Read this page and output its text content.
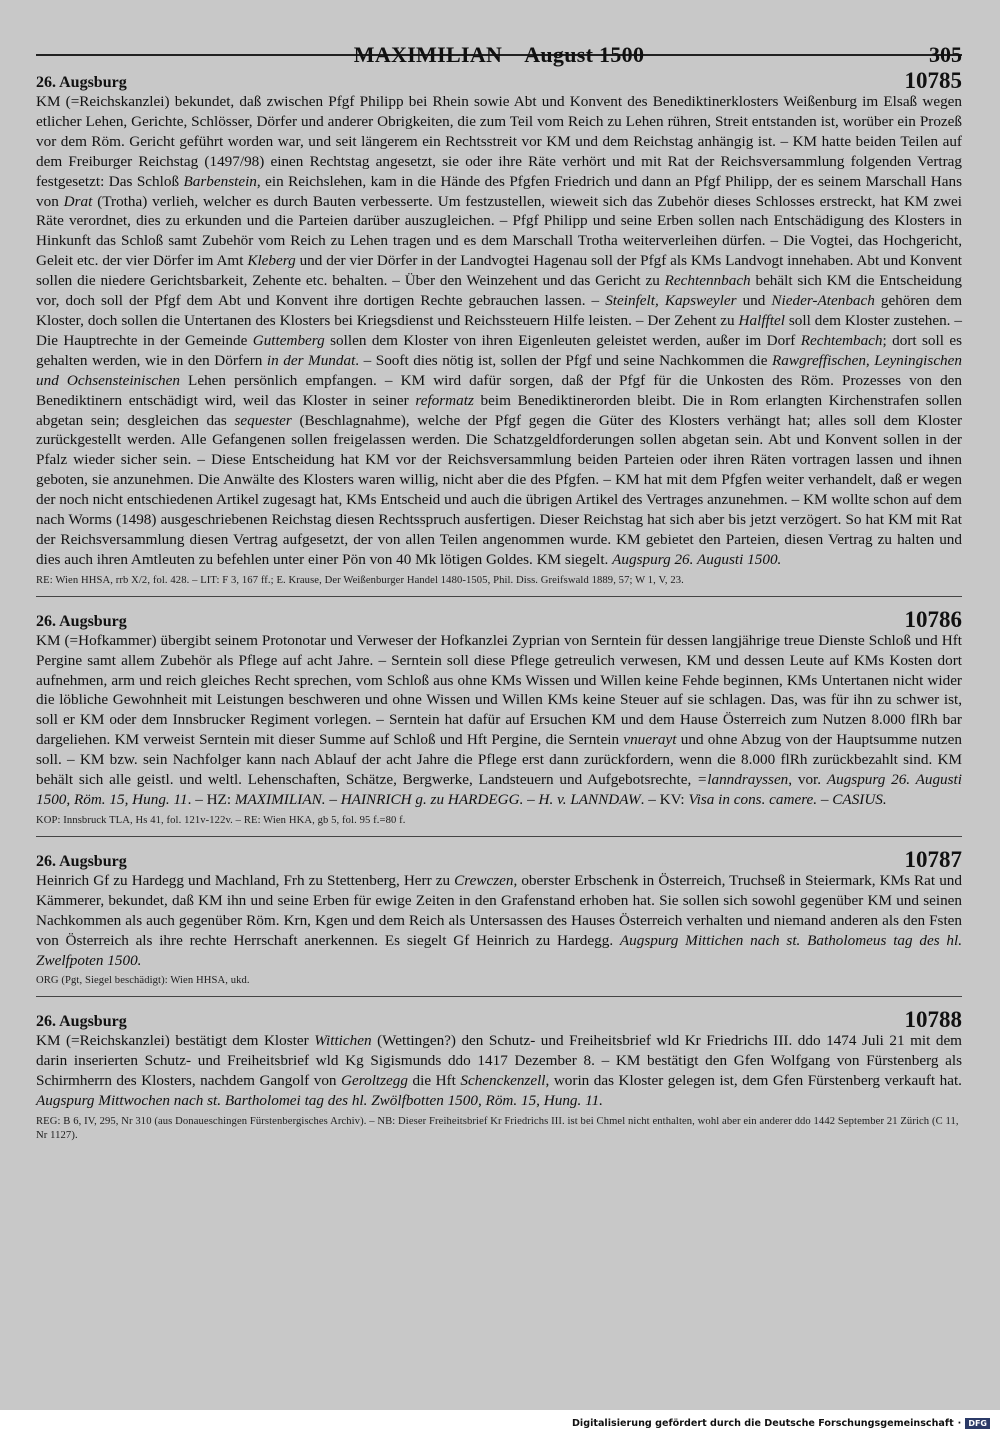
MAXIMILIAN August 1500	305
26. Augsburg	10785

KM (=Reichskanzlei) bekundet, daß zwischen Pfgf Philipp bei Rhein sowie Abt und Konvent des Benediktinerklosters Weißenburg im Elsaß wegen etlicher Lehen, Gerichte, Schlösser, Dörfer und anderer Obrigkeiten, die zum Teil vom Reich zu Lehen rühren, Streit entstanden ist, worüber ein Prozeß vor dem Röm. Gericht geführt worden war, und seit längerem ein Rechtsstreit vor KM und dem Reichstag anhängig ist. – KM hatte beiden Teilen auf dem Freiburger Reichstag (1497/98) einen Rechtstag angesetzt, sie oder ihre Räte verhört und mit Rat der Reichsversammlung folgenden Vertrag festgesetzt: Das Schloß Barbenstein, ein Reichslehen, kam in die Hände des Pfgfen Friedrich und dann an Pfgf Philipp, der es seinem Marschall Hans von Drat (Trotha) verlieh, welcher es durch Bauten verbesserte. Um festzustellen, wieweit sich das Zubehör dieses Schlosses erstreckt, hat KM zwei Räte verordnet, dies zu erkunden und die Parteien darüber auszugleichen. – Pfgf Philipp und seine Erben sollen nach Entschädigung des Klosters in Hinkunft das Schloß samt Zubehör vom Reich zu Lehen tragen und es dem Marschall Trotha weiterverleihen dürfen. – Die Vogtei, das Hochgericht, Geleit etc. der vier Dörfer im Amt Kleberg und der vier Dörfer in der Landvogtei Hagenau soll der Pfgf als KMs Landvogt innehaben. Abt und Konvent sollen die niedere Gerichtsbarkeit, Zehente etc. behalten. – Über den Weinzehent und das Gericht zu Rechtennbach behält sich KM die Entscheidung vor, doch soll der Pfgf dem Abt und Konvent ihre dortigen Rechte gebrauchen lassen. – Steinfelt, Kapsweyler und Nieder-Atenbach gehören dem Kloster, doch sollen die Untertanen des Klosters bei Kriegsdienst und Reichssteuern Hilfe leisten. – Der Zehent zu Halfftel soll dem Kloster zustehen. – Die Hauptrechte in der Gemeinde Guttemberg sollen dem Kloster von ihren Eigenleuten geleistet werden, außer im Dorf Rechtembach; dort soll es gehalten werden, wie in den Dörfern in der Mundat. – Sooft dies nötig ist, sollen der Pfgf und seine Nachkommen die Rawgreffischen, Leyningischen und Ochsensteinischen Lehen persönlich empfangen. – KM wird dafür sorgen, daß der Pfgf für die Unkosten des Röm. Prozesses von den Benediktinern entschädigt wird, weil das Kloster in seiner reformatz beim Benediktinerorden bleibt. Die in Rom erlangten Kirchenstrafen sollen abgetan sein; desgleichen das sequester (Beschlagnahme), welche der Pfgf gegen die Güter des Klosters verhängt hat; alles soll dem Kloster zurückgestellt werden. Alle Gefangenen sollen freigelassen werden. Die Schatzgeldforderungen sollen abgetan sein. Abt und Konvent sollen in der Pfalz wieder sicher sein. – Diese Entscheidung hat KM vor der Reichsversammlung beiden Parteien oder ihren Räten vortragen lassen und ihnen geboten, sie anzunehmen. Die Anwälte des Klosters waren willig, nicht aber die des Pfgfen. – KM hat mit dem Pfgfen weiter verhandelt, daß er wegen der noch nicht entschiedenen Artikel zugesagt hat, KMs Entscheid und auch die übrigen Artikel des Vertrages anzunehmen. – KM wollte schon auf dem nach Worms (1498) ausgeschriebenen Reichstag diesen Rechtsspruch ausfertigen. Dieser Reichstag hat sich aber bis jetzt verzögert. So hat KM mit Rat der Reichsversammlung diesen Vertrag aufgesetzt, der von allen Teilen angenommen wurde. KM gebietet den Parteien, diesen Vertrag zu halten und dies auch ihren Amtleuten zu befehlen unter einer Pön von 40 Mk lötigen Goldes. KM siegelt. Augspurg 26. Augusti 1500.

RE: Wien HHSA, rrb X/2, fol. 428. – LIT: F 3, 167 ff.; E. Krause, Der Weißenburger Handel 1480-1505, Phil. Diss. Greifswald 1889, 57; W 1, V, 23.

26. Augsburg	10786

KM (=Hofkammer) übergibt seinem Protonotar und Verweser der Hofkanzlei Zyprian von Serntein für dessen langjährige treue Dienste Schloß und Hft Pergine samt allem Zubehör als Pflege auf acht Jahre. – Serntein soll diese Pflege getreulich verwesen, KM und dessen Leute auf KMs Kosten dort aufnehmen, arm und reich gleiches Recht sprechen, vom Schloß aus ohne KMs Wissen und Willen keine Fehde beginnen, KMs Untertanen nicht wider die löbliche Gewohnheit mit Leistungen beschweren und ohne Wissen und Willen KMs keine Steuer auf sie schlagen. Das, was für ihn zu schwer ist, soll er KM oder dem Innsbrucker Regiment vorlegen. – Serntein hat dafür auf Ersuchen KM und dem Hause Österreich zum Nutzen 8.000 flRh bar dargeliehen. KM verweist Serntein mit dieser Summe auf Schloß und Hft Pergine, die Serntein vnuerayt und ohne Abzug von der Hauptsumme nutzen soll. – KM bzw. sein Nachfolger kann nach Ablauf der acht Jahre die Pflege erst dann zurückfordern, wenn die 8.000 flRh zurückbezahlt sind. KM behält sich alle geistl. und weltl. Lehenschaften, Schätze, Bergwerke, Landsteuern und Aufgebotsrechte, =lanndrayssen, vor. Augspurg 26. Augusti 1500, Röm. 15, Hung. 11. – HZ: MAXIMILIAN. – HAINRICH g. zu HARDEGG. – H. v. LANNDAW. – KV: Visa in cons. camere. – CASIUS.

KOP: Innsbruck TLA, Hs 41, fol. 121v-122v. – RE: Wien HKA, gb 5, fol. 95 f.=80 f.

26. Augsburg	10787

Heinrich Gf zu Hardegg und Machland, Frh zu Stettenberg, Herr zu Crewczen, oberster Erbschenk in Österreich, Truchseß in Steiermark, KMs Rat und Kämmerer, bekundet, daß KM ihn und seine Erben für ewige Zeiten in den Grafenstand erhoben hat. Sie sollen sich sowohl gegenüber KM und seinen Nachkommen als auch gegenüber Röm. Krn, Kgen und dem Reich als Untersassen des Hauses Österreich verhalten und niemand anderen als den Fsten von Österreich als ihre rechte Herrschaft anerkennen. Es siegelt Gf Heinrich zu Hardegg. Augspurg Mittichen nach st. Batholomeus tag des hl. Zwelfpoten 1500.

ORG (Pgt, Siegel beschädigt): Wien HHSA, ukd.

26. Augsburg	10788

KM (=Reichskanzlei) bestätigt dem Kloster Wittichen (Wettingen?) den Schutz- und Freiheitsbrief wld Kr Friedrichs III. ddo 1474 Juli 21 mit dem darin inserierten Schutz- und Freiheitsbrief wld Kg Sigismunds ddo 1417 Dezember 8. – KM bestätigt den Gfen Wolfgang von Fürstenberg als Schirmherrn des Klosters, nachdem Gangolf von Geroltzegg die Hft Schenckenzell, worin das Kloster gelegen ist, dem Gfen Fürstenberg verkauft hat. Augspurg Mittwochen nach st. Bartholomei tag des hl. Zwölfbotten 1500, Röm. 15, Hung. 11.

REG: B 6, IV, 295, Nr 310 (aus Donaueschingen Fürstenbergisches Archiv). – NB: Dieser Freiheitsbrief Kr Friedrichs III. ist bei Chmel nicht enthalten, wohl aber ein anderer ddo 1442 September 21 Zürich (C 11, Nr 1127).

Digitalisierung gefördert durch die Deutsche Forschungsgemeinschaft · DFG
